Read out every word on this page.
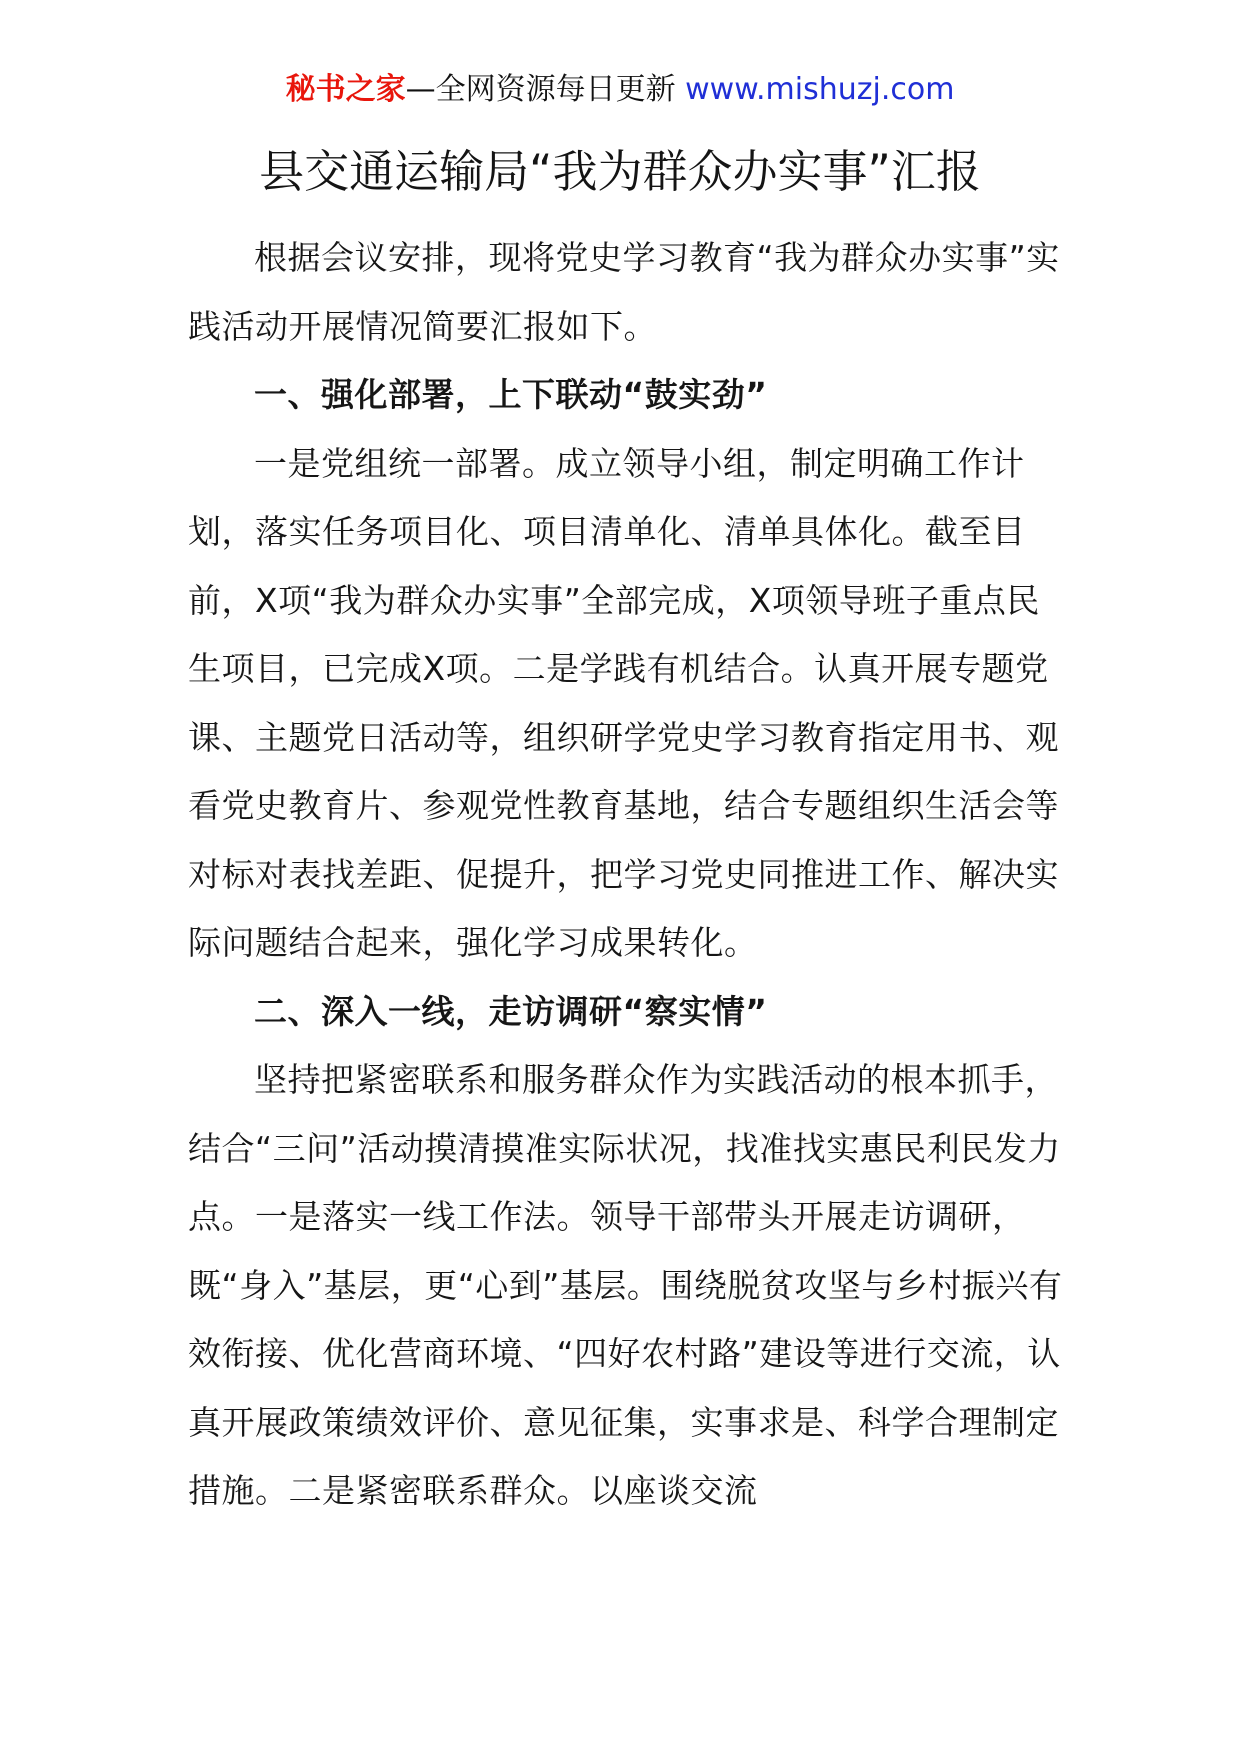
秘书之家—全网资源每日更新 www.mishuzj.com
县交通运输局“我为群众办实事”汇报

根据会议安排，现将党史学习教育“我为群众办实事”实践活动开展情况简要汇报如下。

一、强化部署，上下联动“鼓实劲”

一是党组统一部署。成立领导小组，制定明确工作计划，落实任务项目化、项目清单化、清单具体化。截至目前，X项“我为群众办实事”全部完成，X项领导班子重点民生项目，已完成X项。二是学践有机结合。认真开展专题党课、主题党日活动等，组织研学党史学习教育指定用书、观看党史教育片、参观党性教育基地，结合专题组织生活会等对标对表找差距、促提升，把学习党史同推进工作、解决实际问题结合起来，强化学习成果转化。

二、深入一线，走访调研“察实情”

坚持把紧密联系和服务群众作为实践活动的根本抓手，结合“三问”活动摸清摸准实际状况，找准找实惠民利民发力点。一是落实一线工作法。领导干部带头开展走访调研，既“身入”基层，更“心到”基层。围绕脱贫攻坚与乡村振兴有效衔接、优化营商环境、“四好农村路”建设等进行交流，认真开展政策绩效评价、意见征集，实事求是、科学合理制定措施。二是紧密联系群众。以座谈交流
